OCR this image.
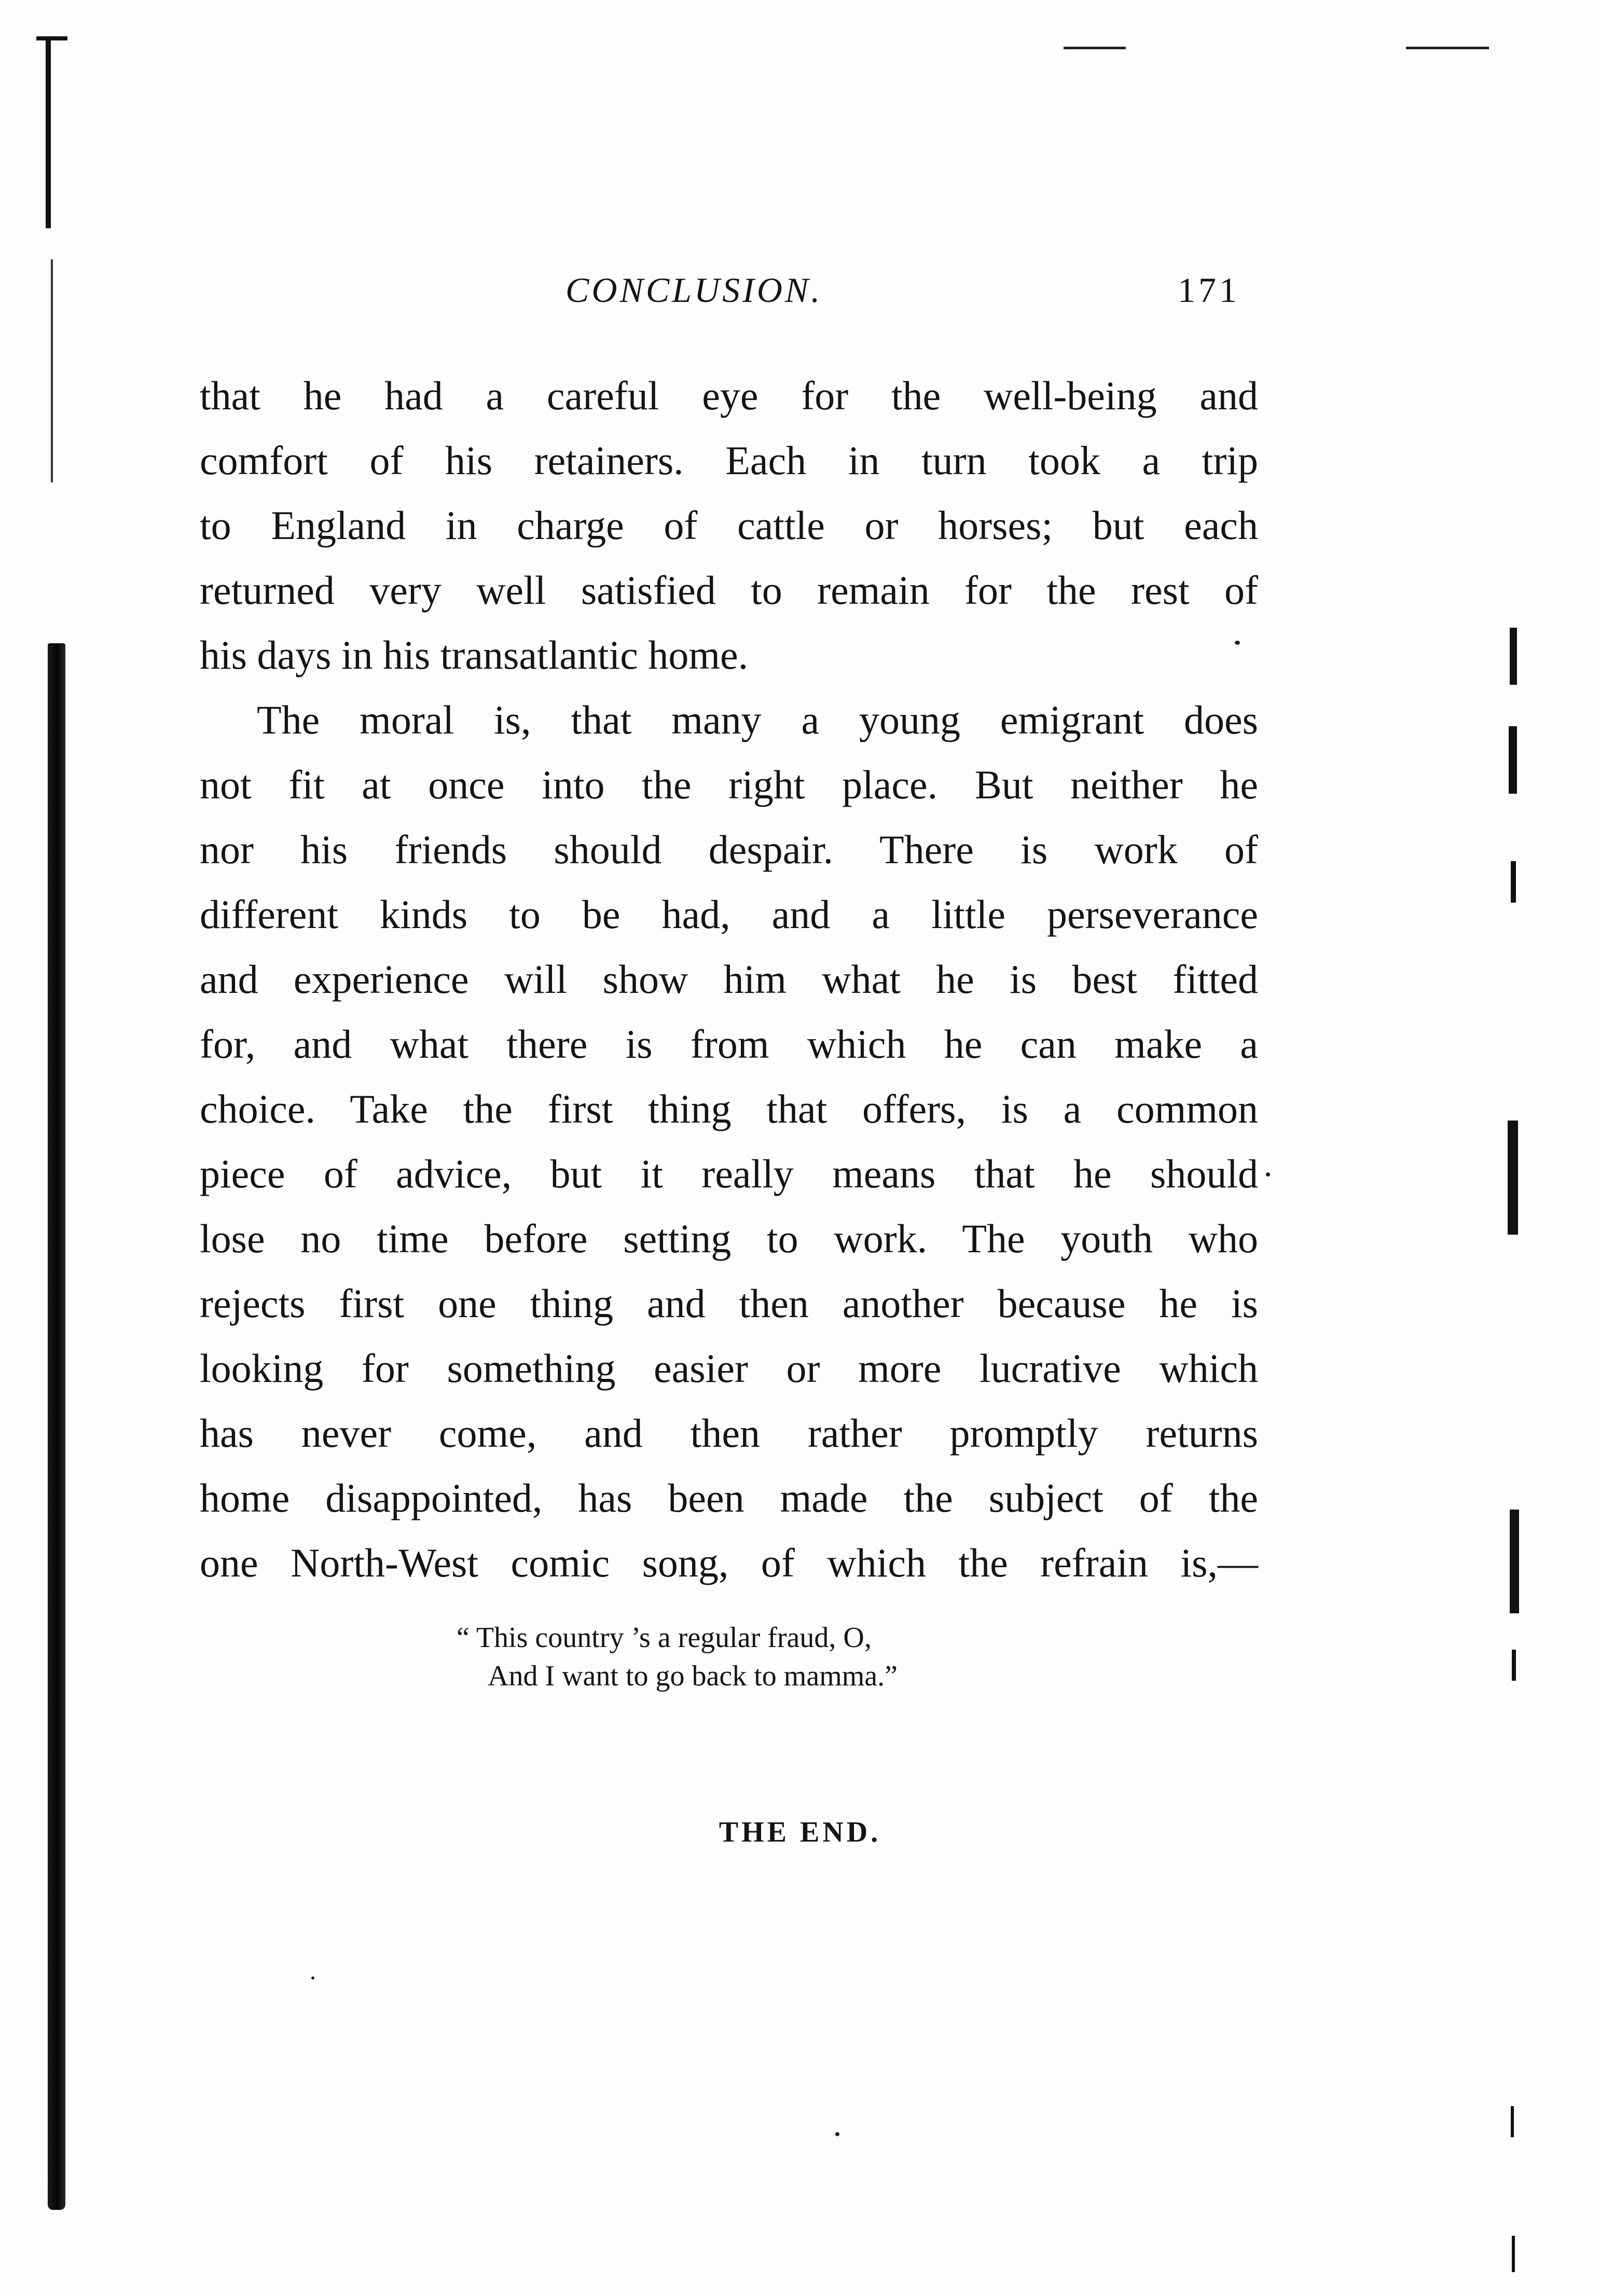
CONCLUSION.	171
that he had a careful eye for the well-being and
comfort of his retainers. Each in turn took a trip
to England in charge of cattle or horses; but each
returned very well satisfied to remain for the rest of
his days in his transatlantic home.
The moral is, that many a young emigrant does
not fit at once into the right place. But neither he
nor his friends should despair. There is work of
different kinds to be had, and a little perseverance
and experience will show him what he is best fitted
for, and what there is from which he can make a
choice. Take the first thing that offers, is a common
piece of advice, but it really means that he should
lose no time before setting to work. The youth who
rejects first one thing and then another because he is
looking for something easier or more lucrative which
has never come, and then rather promptly returns
home disappointed, has been made the subject of the
one North-West comic song, of which the refrain is,—
“ This country ’s a regular fraud, O,
And I want to go back to mamma.”
THE END.
